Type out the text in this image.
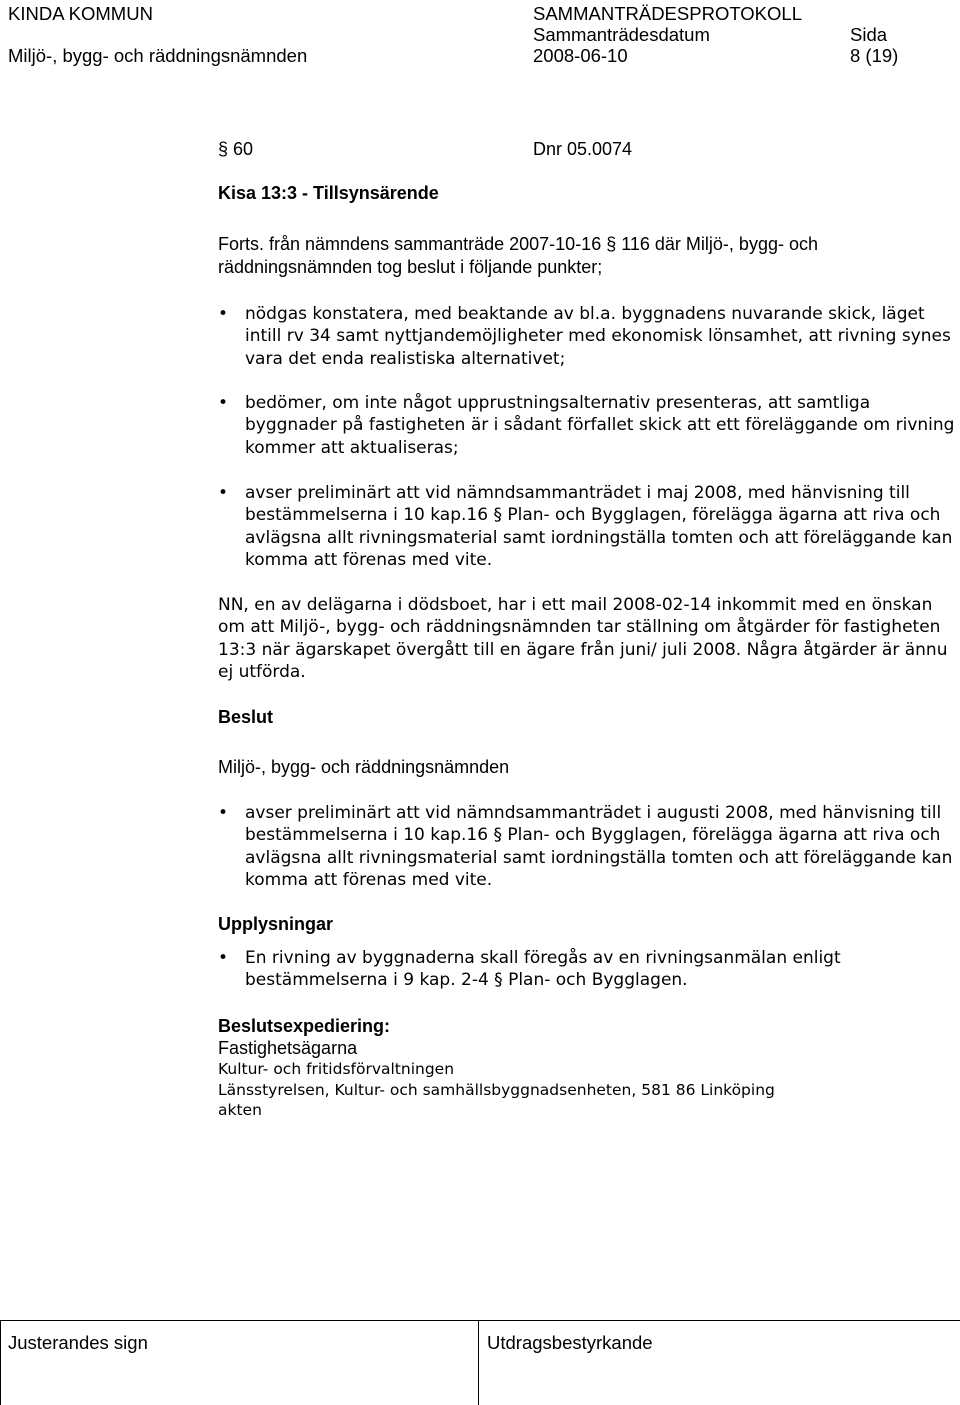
KINDA KOMMUN	SAMMANTRÄDESPROTOKOLL
Miljö-, bygg- och räddningsnämnden
Sammanträdesdatum
2008-06-10
Sida
8 (19)
§ 60	Dnr 05.0074
Kisa 13:3 - Tillsynsärende
Forts. från nämndens sammanträde 2007-10-16 § 116 där Miljö-, bygg- och räddningsnämnden tog beslut i följande punkter;
• nödgas konstatera, med beaktande av bl.a. byggnadens nuvarande skick, läget intill rv 34 samt nyttjandemöjligheter med ekonomisk lönsamhet, att rivning synes vara det enda realistiska alternativet;
• bedömer, om inte något upprustningsalternativ presenteras, att samtliga byggnader på fastigheten är i sådant förfallet skick att ett föreläggande om rivning kommer att aktualiseras;
• avser preliminärt att vid nämndsammanträdet i maj 2008, med hänvisning till bestämmelserna i 10 kap.16 § Plan- och Bygglagen, förelägga ägarna att riva och avlägsna allt rivningsmaterial samt iordningställa tomten och att föreläggande kan komma att förenas med vite.
NN, en av delägarna i dödsboet, har i ett mail 2008-02-14 inkommit med en önskan om att Miljö-, bygg- och räddningsnämnden tar ställning om åtgärder för fastigheten 13:3 när ägarskapet övergått till en ägare från juni/ juli 2008. Några åtgärder är ännu ej utförda.
Beslut
Miljö-, bygg- och räddningsnämnden
• avser preliminärt att vid nämndsammanträdet i augusti 2008, med hänvisning till bestämmelserna i 10 kap.16 § Plan- och Bygglagen, förelägga ägarna att riva och avlägsna allt rivningsmaterial samt iordningställa tomten och att föreläggande kan komma att förenas med vite.
Upplysningar
• En rivning av byggnaderna skall föregås av en rivningsanmälan enligt bestämmelserna i 9 kap. 2-4 § Plan- och Bygglagen.
Beslutsexpediering:
Fastighetsägarna
Kultur- och fritidsförvaltningen
Länsstyrelsen, Kultur- och samhällsbyggnadsenheten, 581 86 Linköping
akten
Justerandes sign	Utdragsbestyrkande
